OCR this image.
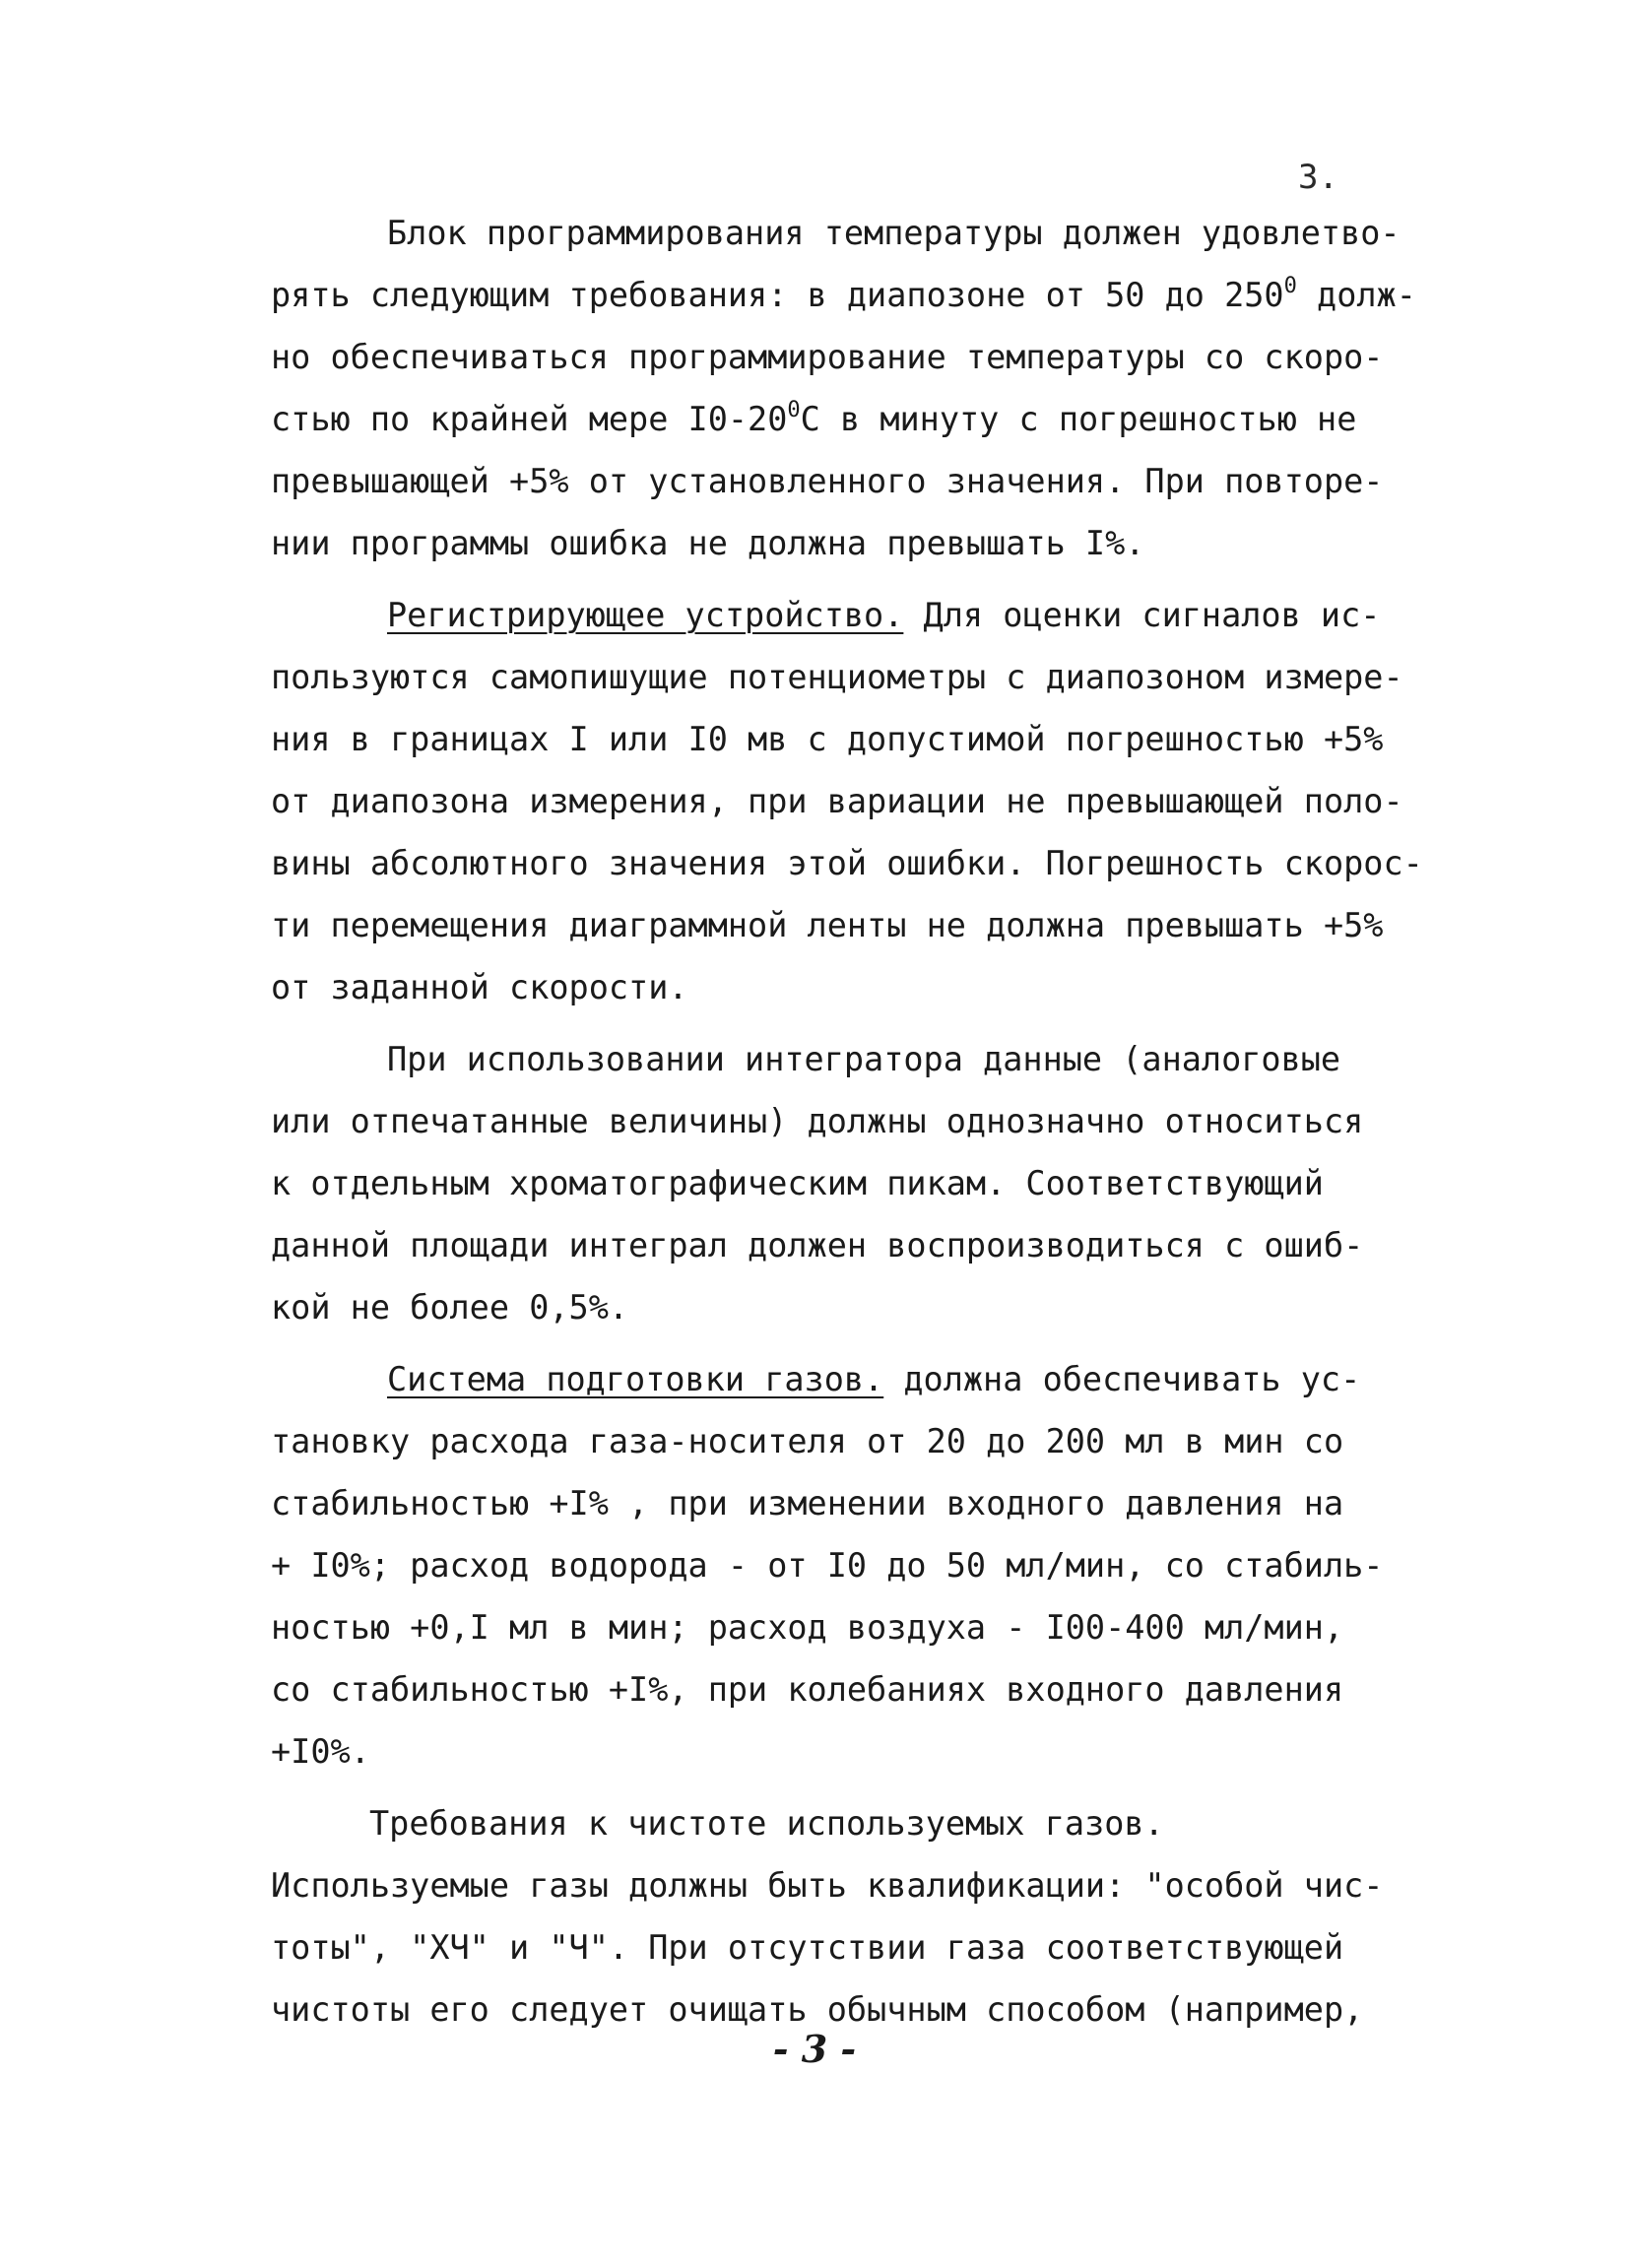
3.
Блок программирования температуры должен удовлетво-
рять следующим требования: в диапозоне от 50 до $250^0$ долж-
но обеспечиваться программирование температуры со скоро-
стью по крайней мере $I0-20^0С$ в минуту с погрешностью не
превышающей +5% от установленного значения. При повторе-
нии программы ошибка не должна превышать I%.
Регистрирующее устройство. Для оценки сигналов ис-
пользуются самопишущие потенциометры с диапозоном измере-
ния в границах I или I0 мв с допустимой погрешностью +5%
от диапозона измерения, при вариации не превышающей поло-
вины абсолютного значения этой ошибки. Погрешность скорос-
ти перемещения диаграммной ленты не должна превышать +5%
от заданной скорости.
При использовании интегратора данные (аналоговые
или отпечатанные величины) должны однозначно относиться
к отдельным хроматографическим пикам. Соответствующий
данной площади интеграл должен воспроизводиться с ошиб-
кой не более 0,5%.
Система подготовки газов. должна обеспечивать ус-
тановку расхода газа-носителя от 20 до 200 мл в мин со
стабильностью +I% , при изменении входного давления на
+ I0%; расход водорода - от I0 до 50 мл/мин, со стабиль-
ностью +0,I мл в мин; расход воздуха - I00-400 мл/мин,
со стабильностью +I%, при колебаниях входного давления
+I0%.
Требования к чистоте используемых газов.
Используемые газы должны быть квалификации: "особой чис-
тоты", "ХЧ" и "Ч". При отсутствии газа соответствующей
чистоты его следует очищать обычным способом (например,
- 3 -
